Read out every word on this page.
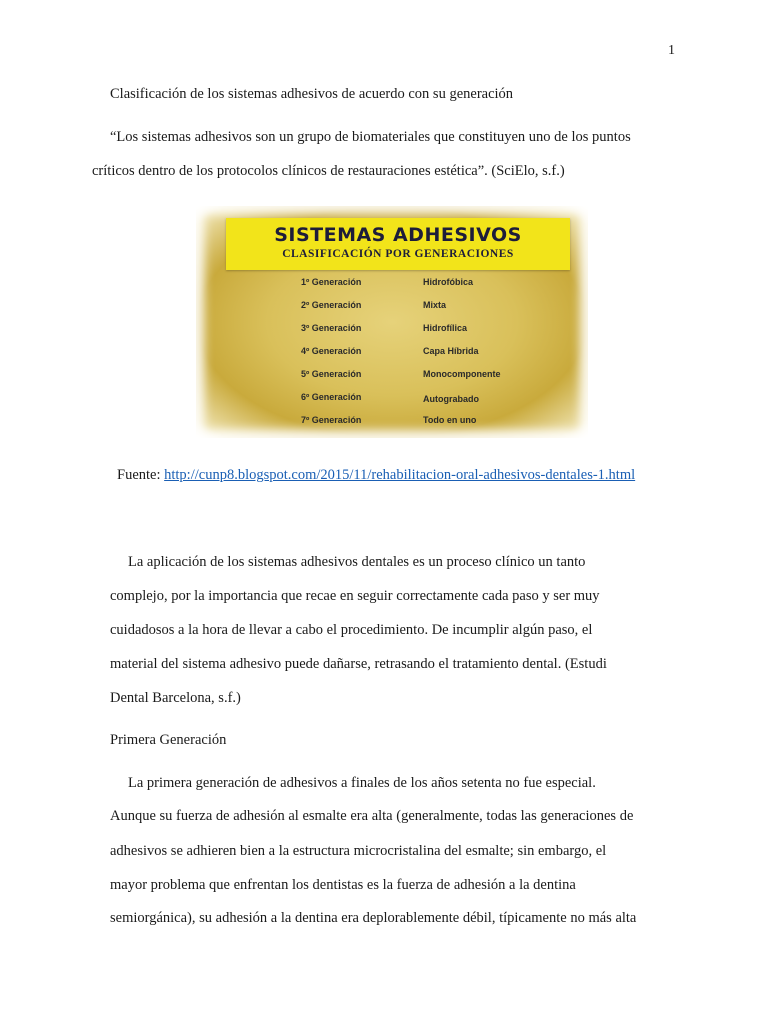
1
Clasificación de los sistemas adhesivos de acuerdo con su generación
“Los sistemas adhesivos son un grupo de biomateriales que constituyen uno de los puntos
críticos dentro de los protocolos clínicos de restauraciones estética”. (SciElo, s.f.)
SISTEMAS ADHESIVOS
CLASIFICACIÓN POR GENERACIONES
1º Generación	Hidrofóbica
2º Generación	Mixta
3º Generación	Hidrofílica
4º Generación	Capa Híbrida
5º Generación	Monocomponente
6º Generación	Autograbado
7º Generación	Todo en uno
Fuente: http://cunp8.blogspot.com/2015/11/rehabilitacion-oral-adhesivos-dentales-1.html
La aplicación de los sistemas adhesivos dentales es un proceso clínico un tanto
complejo, por la importancia que recae en seguir correctamente cada paso y ser muy
cuidadosos a la hora de llevar a cabo el procedimiento. De incumplir algún paso, el
material del sistema adhesivo puede dañarse, retrasando el tratamiento dental. (Estudi
Dental Barcelona, s.f.)
Primera Generación
La primera generación de adhesivos a finales de los años setenta no fue especial.
Aunque su fuerza de adhesión al esmalte era alta (generalmente, todas las generaciones de
adhesivos se adhieren bien a la estructura microcristalina del esmalte; sin embargo, el
mayor problema que enfrentan los dentistas es la fuerza de adhesión a la dentina
semiorgánica), su adhesión a la dentina era deplorablemente débil, típicamente no más alta
